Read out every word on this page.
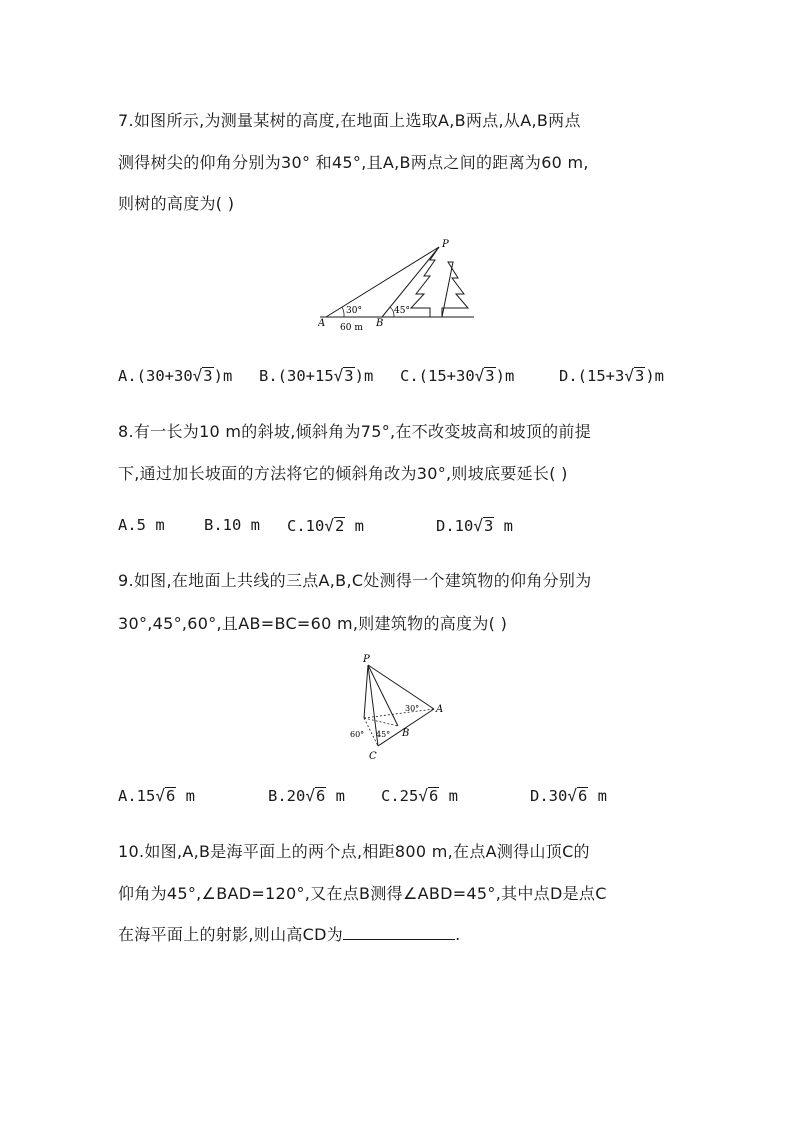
7.如图所示,为测量某树的高度,在地面上选取A,B两点,从A,B两点
测得树尖的仰角分别为30° 和45°,且A,B两点之间的距离为60 m,
则树的高度为( )
P
A	B
30°	45°
60 m
A.(30+30√3)m B.(30+15√3)m C.(15+30√3)m	D.(15+3√3)m
8.有一长为10 m的斜坡,倾斜角为75°,在不改变坡高和坡顶的前提
下,通过加长坡面的方法将它的倾斜角改为30°,则坡底要延长( )
A.5 m	B.10 m C.10√2 m	D.10√3 m
9.如图,在地面上共线的三点A,B,C处测得一个建筑物的仰角分别为
30°,45°,60°,且AB=BC=60 m,则建筑物的高度为( )
P
A
B
C
30°
45°
60°
A.15√6 m	B.20√6 m C.25√6 m	D.30√6 m
10.如图,A,B是海平面上的两个点,相距800 m,在点A测得山顶C的
仰角为45°,∠BAD=120°,又在点B测得∠ABD=45°,其中点D是点C
在海平面上的射影,则山高CD为	.
